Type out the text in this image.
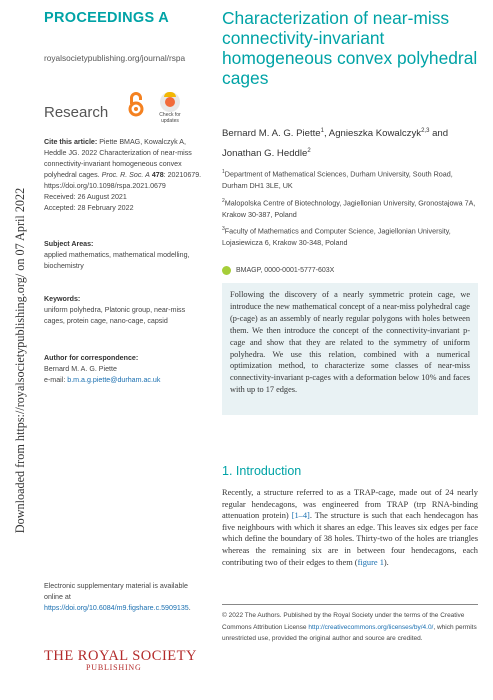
Downloaded from https://royalsocietypublishing.org/ on 07 April 2022
PROCEEDINGS A
royalsocietypublishing.org/journal/rspa
Research	Check for
updates
Cite this article: Piette BMAG, Kowalczyk A, Heddle JG. 2022 Characterization of near-miss connectivity-invariant homogeneous convex polyhedral cages. Proc. R. Soc. A 478: 20210679. https://doi.org/10.1098/rspa.2021.0679
Received: 26 August 2021
Accepted: 28 February 2022
Subject Areas:
applied mathematics, mathematical modelling, biochemistry
Keywords:
uniform polyhedra, Platonic group, near-miss cages, protein cage, nano-cage, capsid
Author for correspondence:
Bernard M. A. G. Piette
e-mail: b.m.a.g.piette@durham.ac.uk
Electronic supplementary material is available online at https://doi.org/10.6084/m9.figshare.c.5909135.
THE ROYAL SOCIETY
PUBLISHING
Characterization of near-miss connectivity-invariant homogeneous convex polyhedral cages
Bernard M. A. G. Piette$^1$, Agnieszka Kowalczyk$^{2,3}$ and Jonathan G. Heddle$^2$
$^1$Department of Mathematical Sciences, Durham University, South Road, Durham DH1 3LE, UK
$^2$Malopolska Centre of Biotechnology, Jagiellonian University, Gronostajowa 7A, Krakow 30-387, Poland
$^3$Faculty of Mathematics and Computer Science, Jagiellonian University, Lojasiewicza 6, Krakow 30-348, Poland
BMAGP, 0000-0001-5777-603X
Following the discovery of a nearly symmetric protein cage, we introduce the new mathematical concept of a near-miss polyhedral cage (p-cage) as an assembly of nearly regular polygons with holes between them. We then introduce the concept of the connectivity-invariant p-cage and show that they are related to the symmetry of uniform polyhedra. We use this relation, combined with a numerical optimization method, to characterize some classes of near-miss connectivity-invariant p-cages with a deformation below 10% and faces with up to 17 edges.
1. Introduction

Recently, a structure referred to as a TRAP-cage, made out of 24 nearly regular hendecagons, was engineered from TRAP (trp RNA-binding attenuation protein) [1–4]. The structure is such that each hendecagon has five neighbours with which it shares an edge. This leaves six edges per face which define the boundary of 38 holes. Thirty-two of the holes are triangles whereas the remaining six are in between four hendecagons, each contributing two of their edges to them (figure 1).

© 2022 The Authors. Published by the Royal Society under the terms of the Creative Commons Attribution License http://creativecommons.org/licenses/by/4.0/, which permits unrestricted use, provided the original author and source are credited.
